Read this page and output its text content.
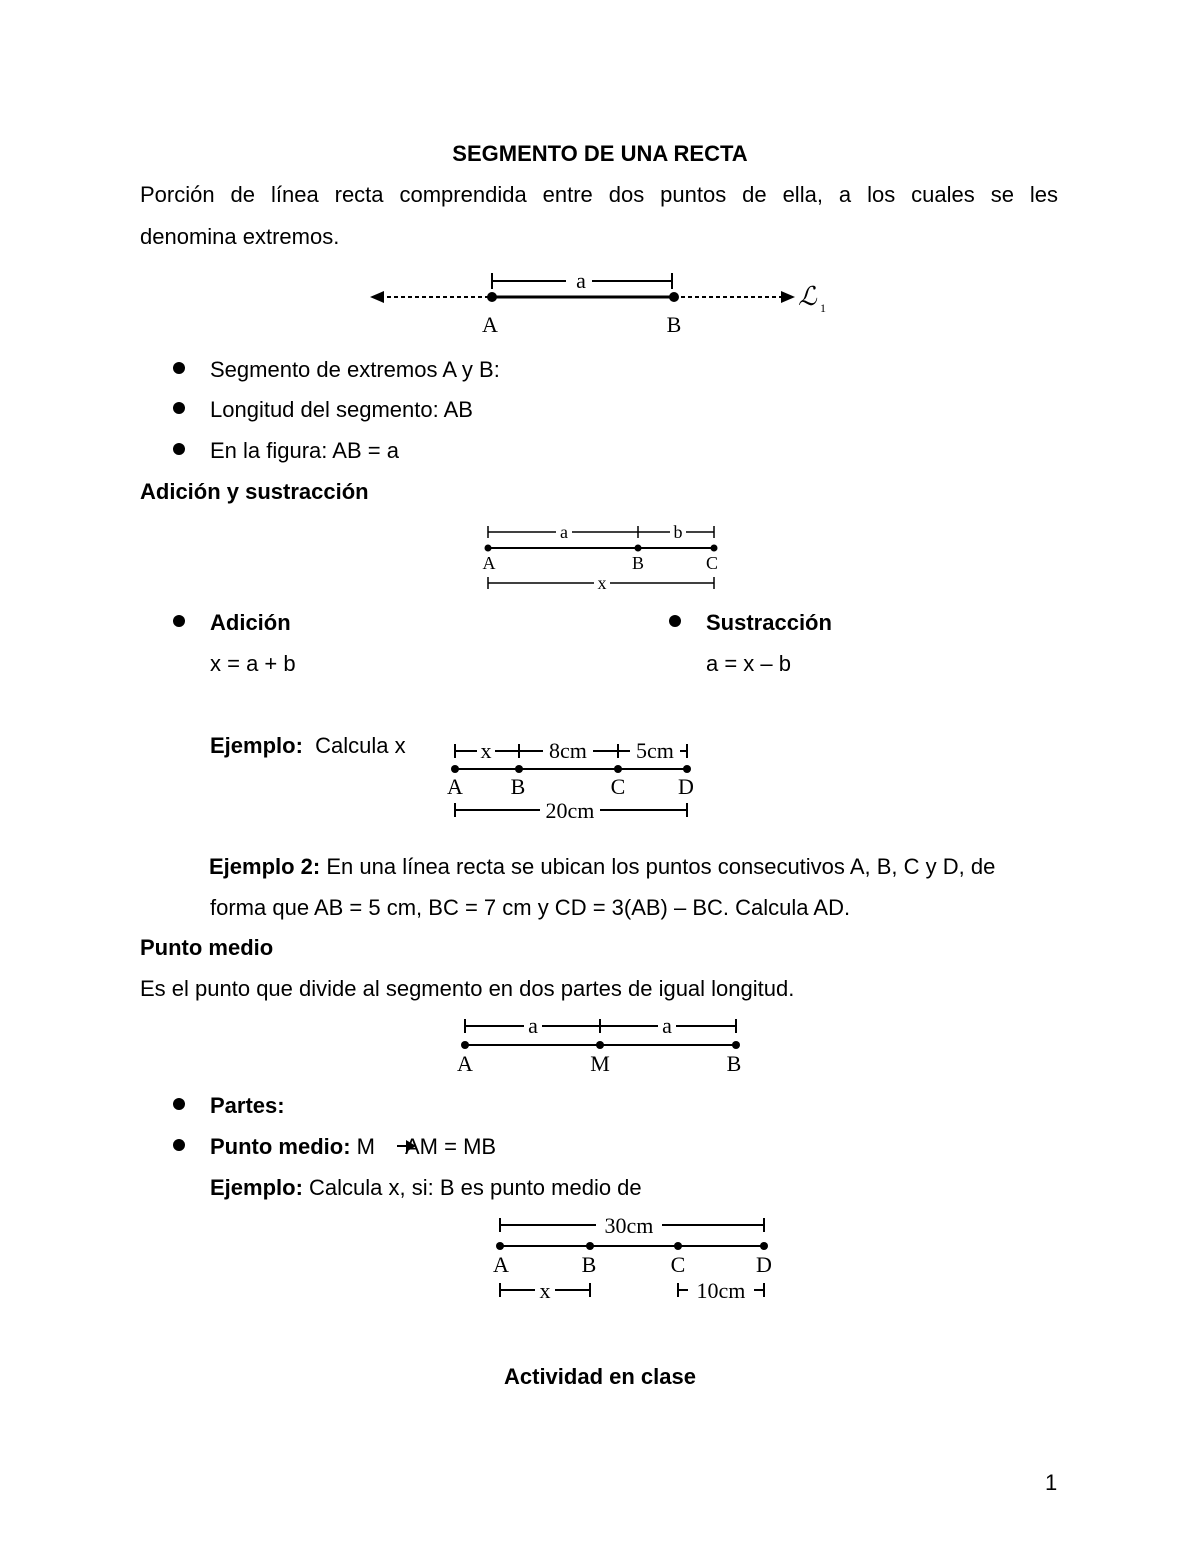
SEGMENTO DE UNA RECTA
Porción de línea recta comprendida entre dos puntos de ella, a los cuales se les
denomina extremos.
a
A	B
ℒ 1
a	b
A	B	C
x
x	8cm 5cm
A B	C D
20cm
a	a
A	M	B
30cm
A	B	C	D
x	10cm
Segmento de extremos A y B:
Longitud del segmento: AB
En la figura: AB = a
Adición y sustracción
Adición
x = a + b
Sustracción
a = x – b
Ejemplo: Calcula x
Ejemplo 2: En una línea recta se ubican los puntos consecutivos A, B, C y D, de
forma que AB = 5 cm, BC = 7 cm y CD = 3(AB) – BC. Calcula AD.
Punto medio
Es el punto que divide al segmento en dos partes de igual longitud.
Partes:
Punto medio: M AM = MB
Ejemplo: Calcula x, si: B es punto medio de
Actividad en clase
1
